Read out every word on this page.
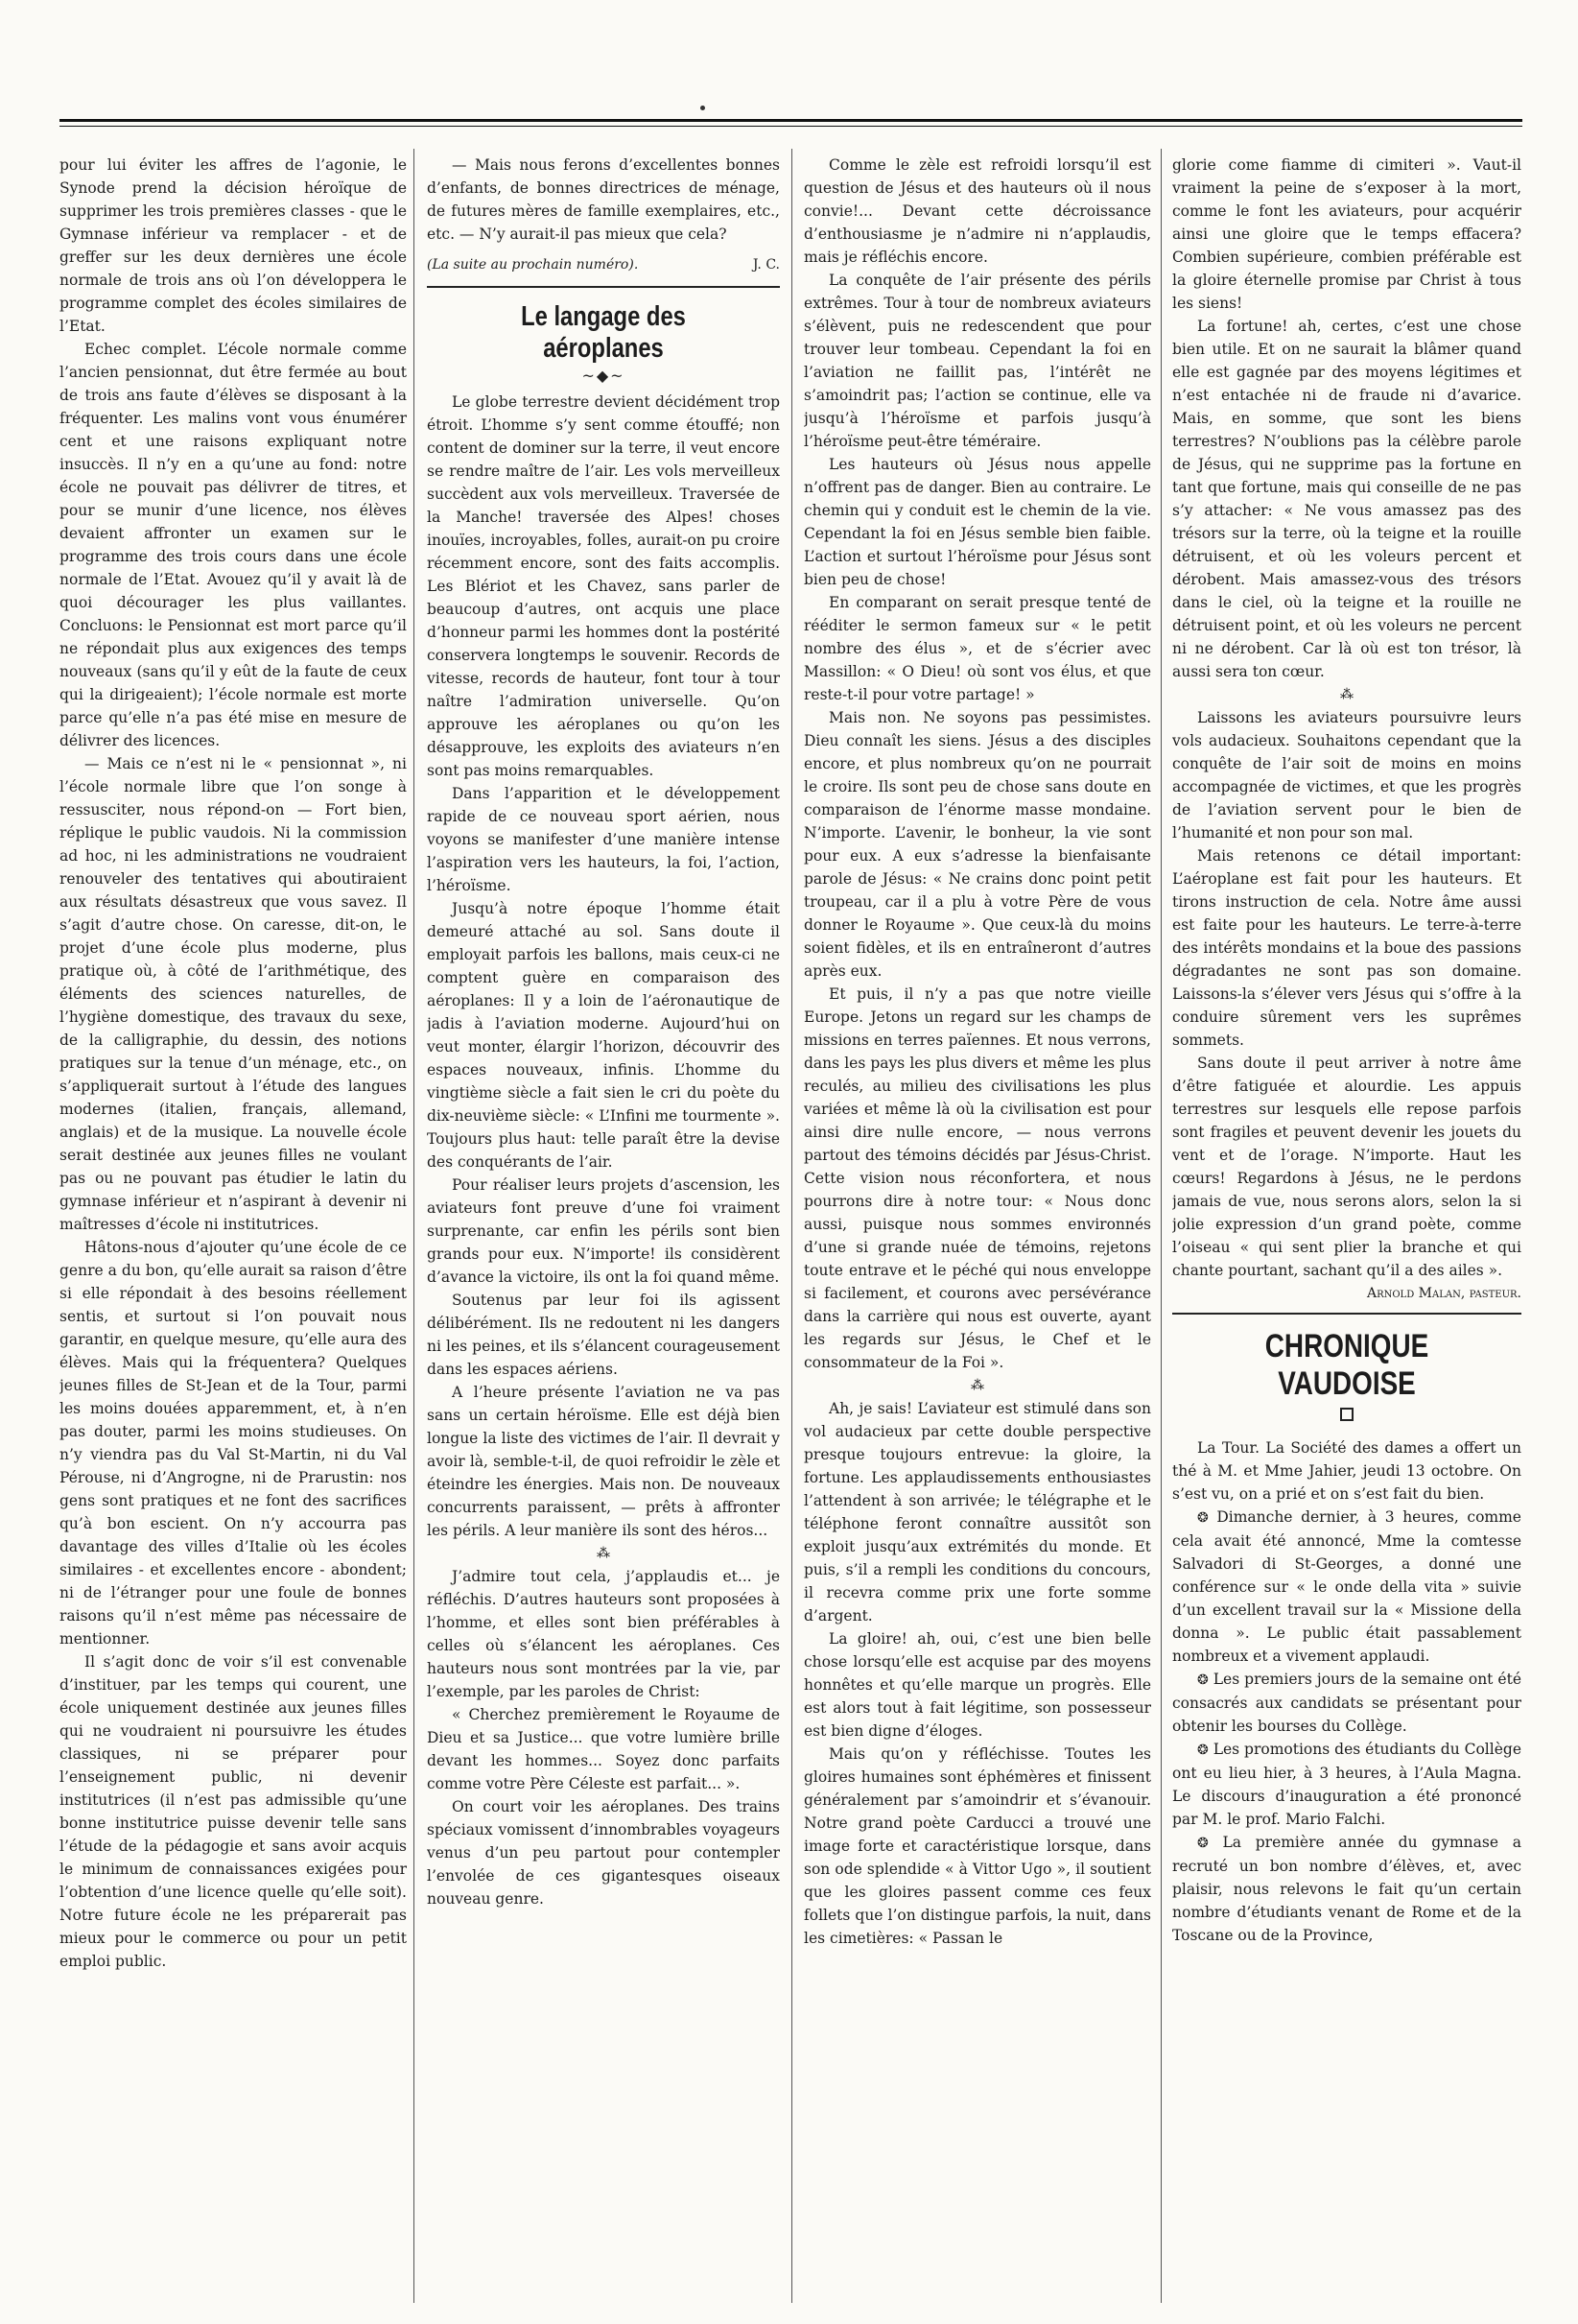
pour lui éviter les affres de l’agonie, le Synode prend la décision héroïque de supprimer les trois premières classes - que le Gymnase inférieur va remplacer - et de greffer sur les deux dernières une école normale de trois ans où l’on développera le programme complet des écoles similaires de l’Etat.

Echec complet. L’école normale comme l’ancien pensionnat, dut être fermée au bout de trois ans faute d’élèves se disposant à la fréquenter. Les malins vont vous énumérer cent et une raisons expliquant notre insuccès. Il n’y en a qu’une au fond: notre école ne pouvait pas délivrer de titres, et pour se munir d’une licence, nos élèves devaient affronter un examen sur le programme des trois cours dans une école normale de l’Etat. Avouez qu’il y avait là de quoi décourager les plus vaillantes. Concluons: le Pensionnat est mort parce qu’il ne répondait plus aux exigences des temps nouveaux (sans qu’il y eût de la faute de ceux qui la dirigeaient); l’école normale est morte parce qu’elle n’a pas été mise en mesure de délivrer des licences.

— Mais ce n’est ni le « pensionnat », ni l’école normale libre que l’on songe à ressusciter, nous répond-on — Fort bien, réplique le public vaudois. Ni la commission ad hoc, ni les administrations ne voudraient renouveler des tentatives qui aboutiraient aux résultats désastreux que vous savez. Il s’agit d’autre chose. On caresse, dit-on, le projet d’une école plus moderne, plus pratique où, à côté de l’arithmétique, des éléments des sciences naturelles, de l’hygiène domestique, des travaux du sexe, de la calligraphie, du dessin, des notions pratiques sur la tenue d’un ménage, etc., on s’appliquerait surtout à l’étude des langues modernes (italien, français, allemand, anglais) et de la musique. La nouvelle école serait destinée aux jeunes filles ne voulant pas ou ne pouvant pas étudier le latin du gymnase inférieur et n’aspirant à devenir ni maîtresses d’école ni institutrices.

Hâtons-nous d’ajouter qu’une école de ce genre a du bon, qu’elle aurait sa raison d’être si elle répondait à des besoins réellement sentis, et surtout si l’on pouvait nous garantir, en quelque mesure, qu’elle aura des élèves. Mais qui la fréquentera? Quelques jeunes filles de St-Jean et de la Tour, parmi les moins douées apparemment, et, à n’en pas douter, parmi les moins studieuses. On n’y viendra pas du Val St-Martin, ni du Val Pérouse, ni d’Angrogne, ni de Prarustin: nos gens sont pratiques et ne font des sacrifices qu’à bon escient. On n’y accourra pas davantage des villes d’Italie où les écoles similaires - et excellentes encore - abondent; ni de l’étranger pour une foule de bonnes raisons qu’il n’est même pas nécessaire de mentionner.

Il s’agit donc de voir s’il est convenable d’instituer, par les temps qui courent, une école uniquement destinée aux jeunes filles qui ne voudraient ni poursuivre les études classiques, ni se préparer pour l’enseignement public, ni devenir institutrices (il n’est pas admissible qu’une bonne institutrice puisse devenir telle sans l’étude de la pédagogie et sans avoir acquis le minimum de connaissances exigées pour l’obtention d’une licence quelle qu’elle soit). Notre future école ne les préparerait pas mieux pour le commerce ou pour un petit emploi public.

— Mais nous ferons d’excellentes bonnes d’enfants, de bonnes directrices de ménage, de futures mères de famille exemplaires, etc., etc. — N’y aurait-il pas mieux que cela?

(La suite au prochain numéro).	J. C.

Le langage des aéroplanes
~◆~

Le globe terrestre devient décidément trop étroit. L’homme s’y sent comme étouffé; non content de dominer sur la terre, il veut encore se rendre maître de l’air. Les vols merveilleux succèdent aux vols merveilleux. Traversée de la Manche! traversée des Alpes! choses inouïes, incroyables, folles, aurait-on pu croire récemment encore, sont des faits accomplis. Les Blériot et les Chavez, sans parler de beaucoup d’autres, ont acquis une place d’honneur parmi les hommes dont la postérité conservera longtemps le souvenir. Records de vitesse, records de hauteur, font tour à tour naître l’admiration universelle. Qu’on approuve les aéroplanes ou qu’on les désapprouve, les exploits des aviateurs n’en sont pas moins remarquables.

Dans l’apparition et le développement rapide de ce nouveau sport aérien, nous voyons se manifester d’une manière intense l’aspiration vers les hauteurs, la foi, l’action, l’héroïsme.

Jusqu’à notre époque l’homme était demeuré attaché au sol. Sans doute il employait parfois les ballons, mais ceux-ci ne comptent guère en comparaison des aéroplanes: Il y a loin de l’aéronautique de jadis à l’aviation moderne. Aujourd’hui on veut monter, élargir l’horizon, découvrir des espaces nouveaux, infinis. L’homme du vingtième siècle a fait sien le cri du poète du dix-neuvième siècle: « L’Infini me tourmente ». Toujours plus haut: telle paraît être la devise des conquérants de l’air.

Pour réaliser leurs projets d’ascension, les aviateurs font preuve d’une foi vraiment surprenante, car enfin les périls sont bien grands pour eux. N’importe! ils considèrent d’avance la victoire, ils ont la foi quand même.

Soutenus par leur foi ils agissent délibérément. Ils ne redoutent ni les dangers ni les peines, et ils s’élancent courageusement dans les espaces aériens.

A l’heure présente l’aviation ne va pas sans un certain héroïsme. Elle est déjà bien longue la liste des victimes de l’air. Il devrait y avoir là, semble-t-il, de quoi refroidir le zèle et éteindre les énergies. Mais non. De nouveaux concurrents paraissent, — prêts à affronter les périls. A leur manière ils sont des héros...

⁂

J’admire tout cela, j’applaudis et... je réfléchis. D’autres hauteurs sont proposées à l’homme, et elles sont bien préférables à celles où s’élancent les aéroplanes. Ces hauteurs nous sont montrées par la vie, par l’exemple, par les paroles de Christ:

« Cherchez premièrement le Royaume de Dieu et sa Justice... que votre lumière brille devant les hommes... Soyez donc parfaits comme votre Père Céleste est parfait... ».

On court voir les aéroplanes. Des trains spéciaux vomissent d’innombrables voyageurs venus d’un peu partout pour contempler l’envolée de ces gigantesques oiseaux nouveau genre.

Comme le zèle est refroidi lorsqu’il est question de Jésus et des hauteurs où il nous convie!... Devant cette décroissance d’enthousiasme je n’admire ni n’applaudis, mais je réfléchis encore.

La conquête de l’air présente des périls extrêmes. Tour à tour de nombreux aviateurs s’élèvent, puis ne redescendent que pour trouver leur tombeau. Cependant la foi en l’aviation ne faillit pas, l’intérêt ne s’amoindrit pas; l’action se continue, elle va jusqu’à l’héroïsme et parfois jusqu’à l’héroïsme peut-être téméraire.

Les hauteurs où Jésus nous appelle n’offrent pas de danger. Bien au contraire. Le chemin qui y conduit est le chemin de la vie. Cependant la foi en Jésus semble bien faible. L’action et surtout l’héroïsme pour Jésus sont bien peu de chose!

En comparant on serait presque tenté de rééditer le sermon fameux sur « le petit nombre des élus », et de s’écrier avec Massillon: « O Dieu! où sont vos élus, et que reste-t-il pour votre partage! »

Mais non. Ne soyons pas pessimistes. Dieu connaît les siens. Jésus a des disciples encore, et plus nombreux qu’on ne pourrait le croire. Ils sont peu de chose sans doute en comparaison de l’énorme masse mondaine. N’importe. L’avenir, le bonheur, la vie sont pour eux. A eux s’adresse la bienfaisante parole de Jésus: « Ne crains donc point petit troupeau, car il a plu à votre Père de vous donner le Royaume ». Que ceux-là du moins soient fidèles, et ils en entraîneront d’autres après eux.

Et puis, il n’y a pas que notre vieille Europe. Jetons un regard sur les champs de missions en terres païennes. Et nous verrons, dans les pays les plus divers et même les plus reculés, au milieu des civilisations les plus variées et même là où la civilisation est pour ainsi dire nulle encore, — nous verrons partout des témoins décidés par Jésus-Christ. Cette vision nous réconfortera, et nous pourrons dire à notre tour: « Nous donc aussi, puisque nous sommes environnés d’une si grande nuée de témoins, rejetons toute entrave et le péché qui nous enveloppe si facilement, et courons avec persévérance dans la carrière qui nous est ouverte, ayant les regards sur Jésus, le Chef et le consommateur de la Foi ».

⁂

Ah, je sais! L’aviateur est stimulé dans son vol audacieux par cette double perspective presque toujours entrevue: la gloire, la fortune. Les applaudissements enthousiastes l’attendent à son arrivée; le télégraphe et le téléphone feront connaître aussitôt son exploit jusqu’aux extrémités du monde. Et puis, s’il a rempli les conditions du concours, il recevra comme prix une forte somme d’argent.

La gloire! ah, oui, c’est une bien belle chose lorsqu’elle est acquise par des moyens honnêtes et qu’elle marque un progrès. Elle est alors tout à fait légitime, son possesseur est bien digne d’éloges.

Mais qu’on y réfléchisse. Toutes les gloires humaines sont éphémères et finissent généralement par s’amoindrir et s’évanouir. Notre grand poète Carducci a trouvé une image forte et caractéristique lorsque, dans son ode splendide « à Vittor Ugo », il soutient que les gloires passent comme ces feux follets que l’on distingue parfois, la nuit, dans les cimetières: « Passan le

glorie come fiamme di cimiteri ». Vaut-il vraiment la peine de s’exposer à la mort, comme le font les aviateurs, pour acquérir ainsi une gloire que le temps effacera? Combien supérieure, combien préférable est la gloire éternelle promise par Christ à tous les siens!

La fortune! ah, certes, c’est une chose bien utile. Et on ne saurait la blâmer quand elle est gagnée par des moyens légitimes et n’est entachée ni de fraude ni d’avarice. Mais, en somme, que sont les biens terrestres? N’oublions pas la célèbre parole de Jésus, qui ne supprime pas la fortune en tant que fortune, mais qui conseille de ne pas s’y attacher: « Ne vous amassez pas des trésors sur la terre, où la teigne et la rouille détruisent, et où les voleurs percent et dérobent. Mais amassez-vous des trésors dans le ciel, où la teigne et la rouille ne détruisent point, et où les voleurs ne percent ni ne dérobent. Car là où est ton trésor, là aussi sera ton cœur.

⁂

Laissons les aviateurs poursuivre leurs vols audacieux. Souhaitons cependant que la conquête de l’air soit de moins en moins accompagnée de victimes, et que les progrès de l’aviation servent pour le bien de l’humanité et non pour son mal.

Mais retenons ce détail important: L’aéroplane est fait pour les hauteurs. Et tirons instruction de cela. Notre âme aussi est faite pour les hauteurs. Le terre-à-terre des intérêts mondains et la boue des passions dégradantes ne sont pas son domaine. Laissons-la s’élever vers Jésus qui s’offre à la conduire sûrement vers les suprêmes sommets.

Sans doute il peut arriver à notre âme d’être fatiguée et alourdie. Les appuis terrestres sur lesquels elle repose parfois sont fragiles et peuvent devenir les jouets du vent et de l’orage. N’importe. Haut les cœurs! Regardons à Jésus, ne le perdons jamais de vue, nous serons alors, selon la si jolie expression d’un grand poète, comme l’oiseau « qui sent plier la branche et qui chante pourtant, sachant qu’il a des ailes ».

Arnold Malan, pasteur.

CHRONIQUE VAUDOISE

La Tour. La Société des dames a offert un thé à M. et Mme Jahier, jeudi 13 octobre. On s’est vu, on a prié et on s’est fait du bien.

❂ Dimanche dernier, à 3 heures, comme cela avait été annoncé, Mme la comtesse Salvadori di St-Georges, a donné une conférence sur « le onde della vita » suivie d’un excellent travail sur la « Missione della donna ». Le public était passablement nombreux et a vivement applaudi.

❂ Les premiers jours de la semaine ont été consacrés aux candidats se présentant pour obtenir les bourses du Collège.

❂ Les promotions des étudiants du Collège ont eu lieu hier, à 3 heures, à l’Aula Magna. Le discours d’inauguration a été prononcé par M. le prof. Mario Falchi.

❂ La première année du gymnase a recruté un bon nombre d’élèves, et, avec plaisir, nous relevons le fait qu’un certain nombre d’étudiants venant de Rome et de la Toscane ou de la Province,
